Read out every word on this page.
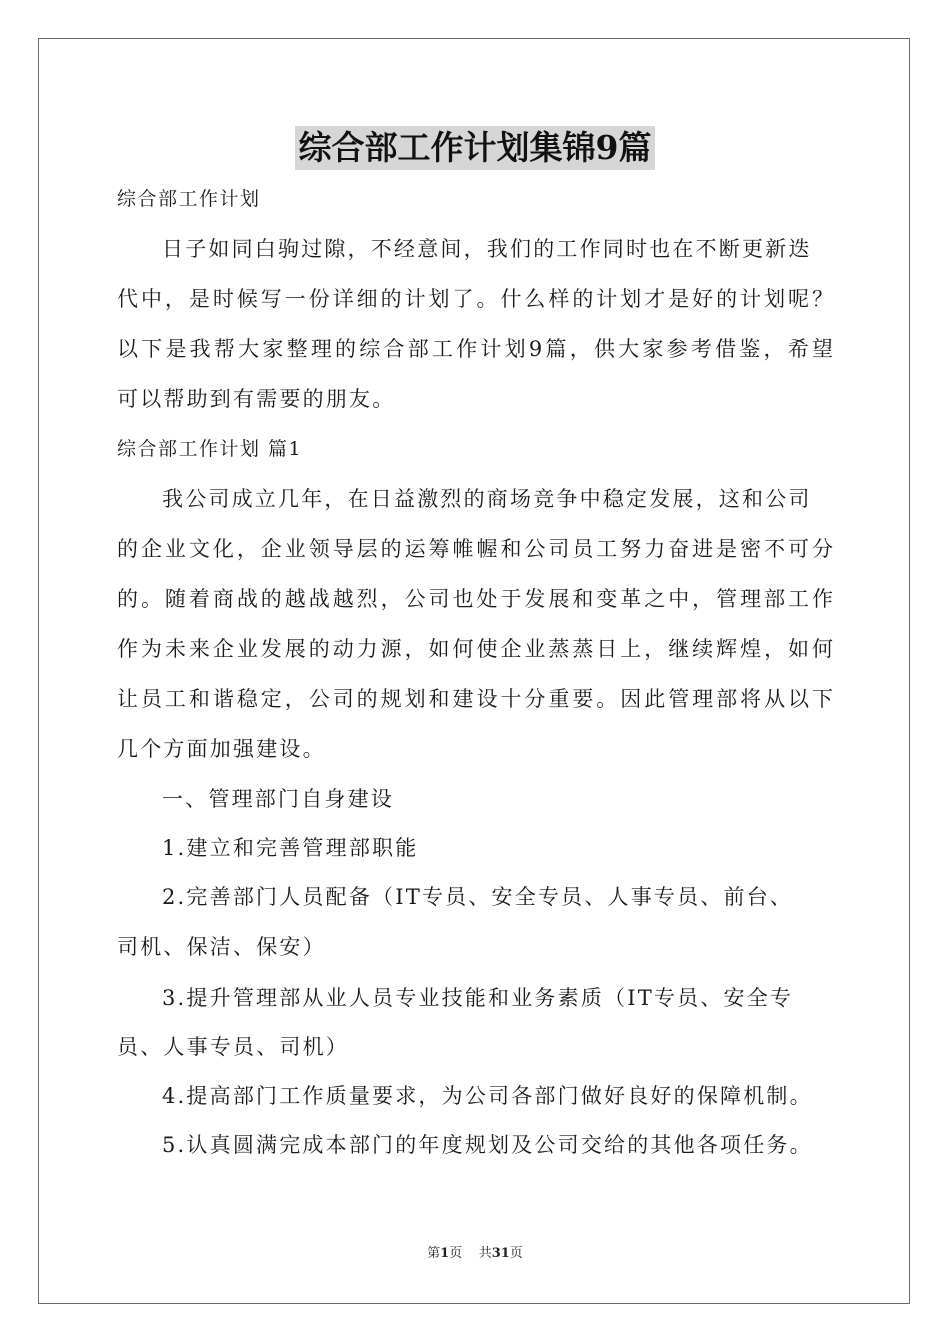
综合部工作计划集锦9篇
综合部工作计划
日子如同白驹过隙，不经意间，我们的工作同时也在不断更新迭
代中，是时候写一份详细的计划了。什么样的计划才是好的计划呢？
以下是我帮大家整理的综合部工作计划9篇，供大家参考借鉴，希望
可以帮助到有需要的朋友。
综合部工作计划 篇1
我公司成立几年，在日益激烈的商场竞争中稳定发展，这和公司
的企业文化，企业领导层的运筹帷幄和公司员工努力奋进是密不可分
的。随着商战的越战越烈，公司也处于发展和变革之中，管理部工作
作为未来企业发展的动力源，如何使企业蒸蒸日上，继续辉煌，如何
让员工和谐稳定，公司的规划和建设十分重要。因此管理部将从以下
几个方面加强建设。
一、管理部门自身建设
1.建立和完善管理部职能
2.完善部门人员配备（IT专员、安全专员、人事专员、前台、
司机、保洁、保安）
3.提升管理部从业人员专业技能和业务素质（IT专员、安全专
员、人事专员、司机）
4.提高部门工作质量要求，为公司各部门做好良好的保障机制。
5.认真圆满完成本部门的年度规划及公司交给的其他各项任务。
第1页 共31页
